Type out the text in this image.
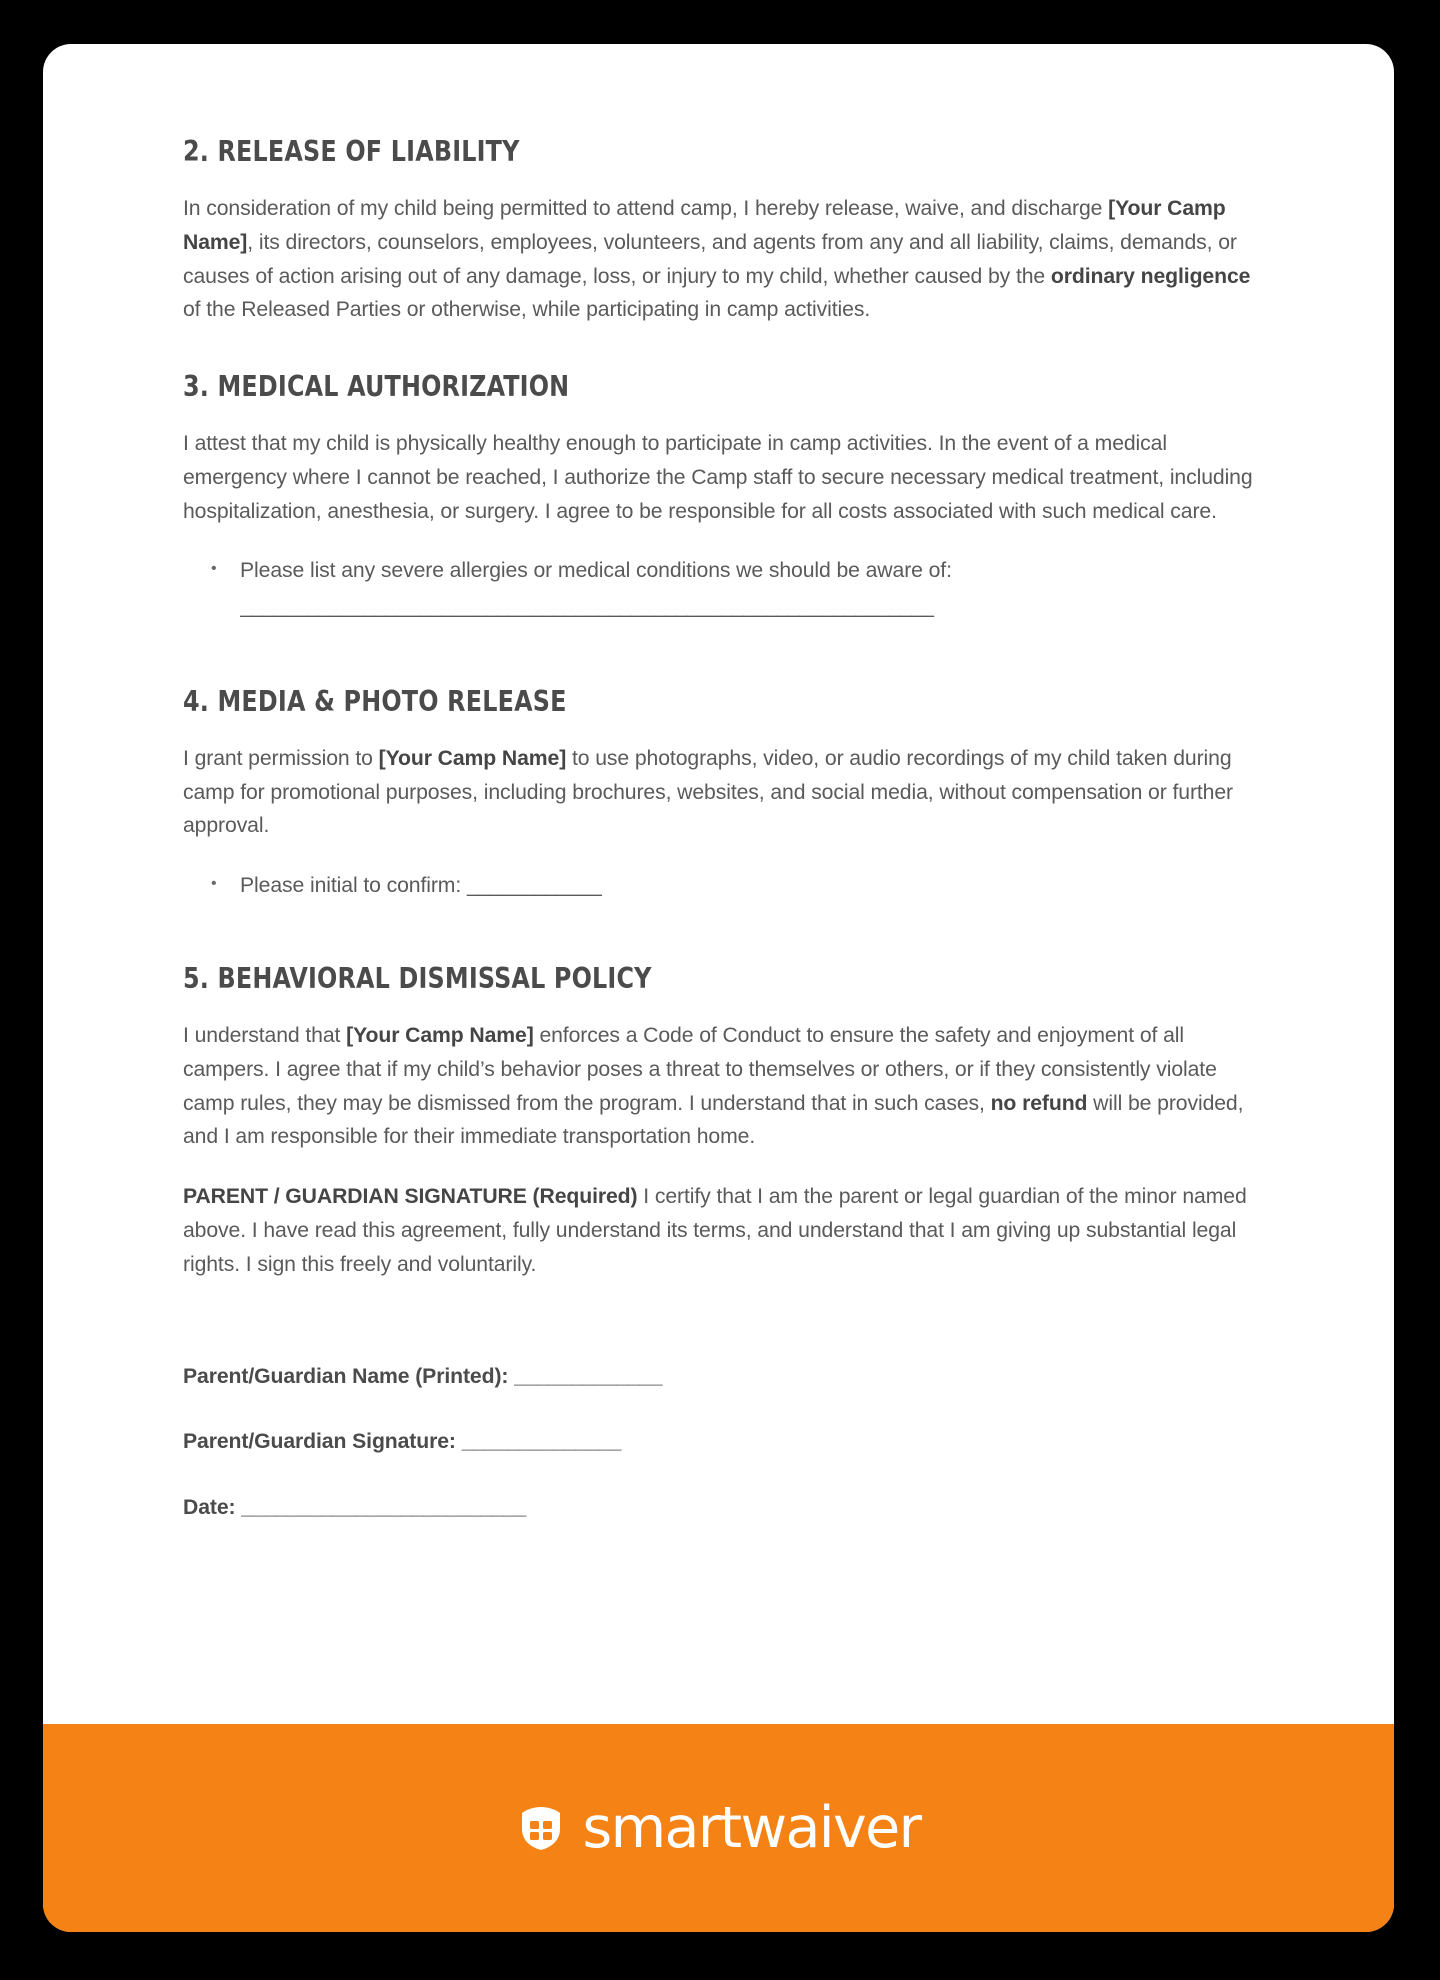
2. RELEASE OF LIABILITY

In consideration of my child being permitted to attend camp, I hereby release, waive, and discharge [Your Camp Name], its directors, counselors, employees, volunteers, and agents from any and all liability, claims, demands, or causes of action arising out of any damage, loss, or injury to my child, whether caused by the ordinary negligence of the Released Parties or otherwise, while participating in camp activities.

3. MEDICAL AUTHORIZATION

I attest that my child is physically healthy enough to participate in camp activities. In the event of a medical emergency where I cannot be reached, I authorize the Camp staff to secure necessary medical treatment, including hospitalization, anesthesia, or surgery. I agree to be responsible for all costs associated with such medical care.

• Please list any severe allergies or medical conditions we should be aware of:
______________________________________________________________
4. MEDIA & PHOTO RELEASE

I grant permission to [Your Camp Name] to use photographs, video, or audio recordings of my child taken during camp for promotional purposes, including brochures, websites, and social media, without compensation or further approval.

• Please initial to confirm: ____________
5. BEHAVIORAL DISMISSAL POLICY

I understand that [Your Camp Name] enforces a Code of Conduct to ensure the safety and enjoyment of all campers. I agree that if my child’s behavior poses a threat to themselves or others, or if they consistently violate camp rules, they may be dismissed from the program. I understand that in such cases, no refund will be provided, and I am responsible for their immediate transportation home.

PARENT / GUARDIAN SIGNATURE (Required) I certify that I am the parent or legal guardian of the minor named above. I have read this agreement, fully understand its terms, and understand that I am giving up substantial legal rights. I sign this freely and voluntarily.

Parent/Guardian Name (Printed): _____________
Parent/Guardian Signature: ______________
Date: _________________________
smartwaiver
